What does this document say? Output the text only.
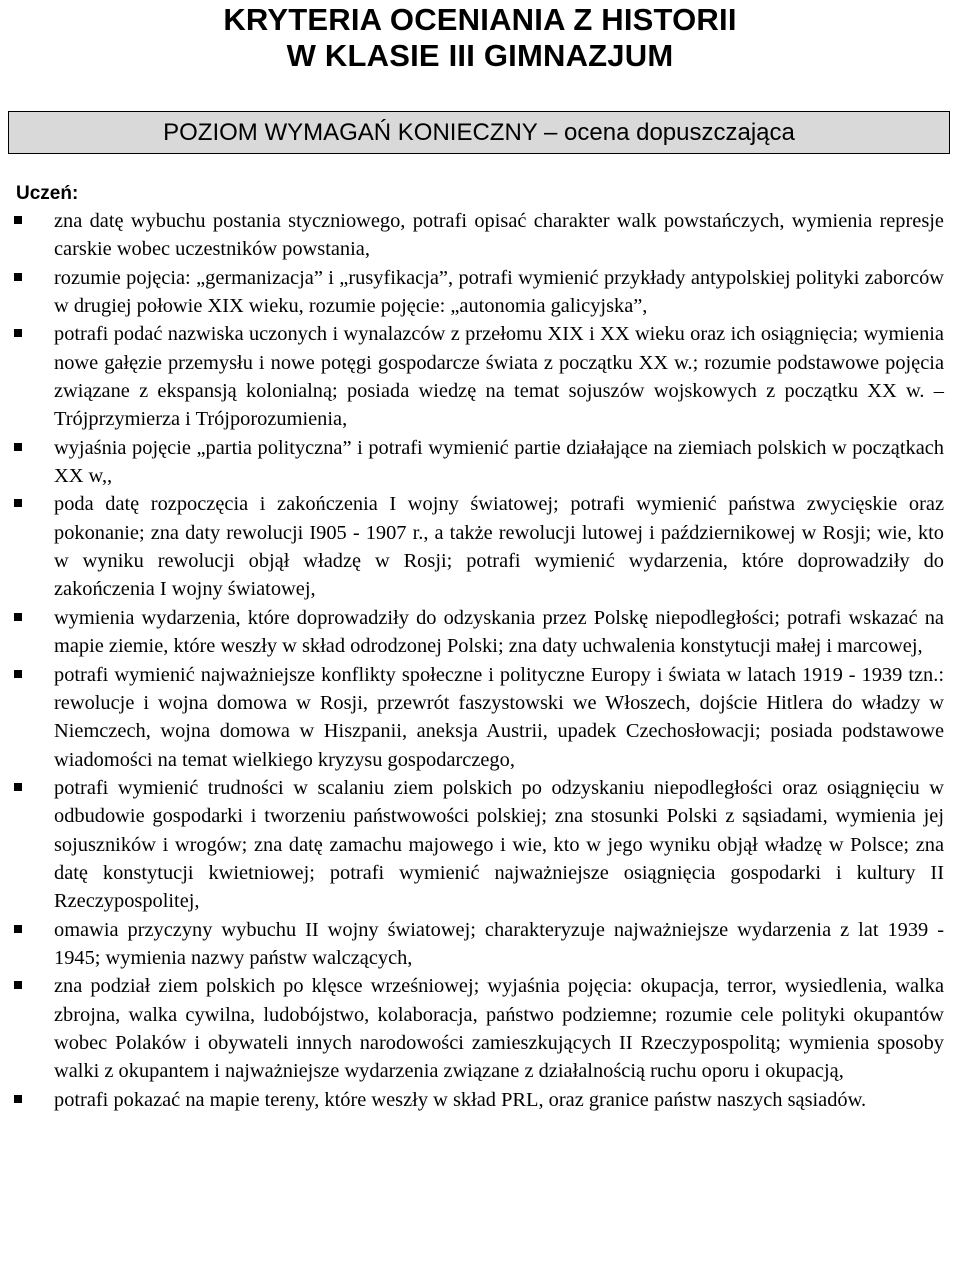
KRYTERIA OCENIANIA Z HISTORII
W KLASIE III GIMNAZJUM
POZIOM WYMAGAŃ KONIECZNY – ocena dopuszczająca

Uczeń:

zna datę wybuchu postania styczniowego, potrafi opisać charakter walk powstańczych, wymienia represje carskie wobec uczestników powstania,
rozumie pojęcia: „germanizacja” i „rusyfikacja”, potrafi wymienić przykłady antypolskiej polityki zaborców w drugiej połowie XIX wieku, rozumie pojęcie: „autonomia galicyjska”,
potrafi podać nazwiska uczonych i wynalazców z przełomu XIX i XX wieku oraz ich osiągnięcia; wymienia nowe gałęzie przemysłu i nowe potęgi gospodarcze świata z początku XX w.; rozumie podstawowe pojęcia związane z ekspansją kolonialną; posiada wiedzę na temat sojuszów wojskowych z początku XX w. – Trójprzymierza i Trójporozumienia,
wyjaśnia pojęcie „partia polityczna” i potrafi wymienić partie działające na ziemiach polskich w początkach XX w,,
poda datę rozpoczęcia i zakończenia I wojny światowej; potrafi wymienić państwa zwycięskie oraz pokonanie; zna daty rewolucji I905 - 1907 r., a także rewolucji lutowej i październikowej w Rosji; wie, kto w wyniku rewolucji objął władzę w Rosji; potrafi wymienić wydarzenia, które doprowadziły do zakończenia I wojny światowej,
wymienia wydarzenia, które doprowadziły do odzyskania przez Polskę niepodległości; potrafi wskazać na mapie ziemie, które weszły w skład odrodzonej Polski; zna daty uchwalenia konstytucji małej i marcowej,
potrafi wymienić najważniejsze konflikty społeczne i polityczne Europy i świata w latach 1919 - 1939 tzn.: rewolucje i wojna domowa w Rosji, przewrót faszystowski we Włoszech, dojście Hitlera do władzy w Niemczech, wojna domowa w Hiszpanii, aneksja Austrii, upadek Czechosłowacji; posiada podstawowe wiadomości na temat wielkiego kryzysu gospodarczego,
potrafi wymienić trudności w scalaniu ziem polskich po odzyskaniu niepodległości oraz osiągnięciu w odbudowie gospodarki i tworzeniu państwowości polskiej; zna stosunki Polski z sąsiadami, wymienia jej sojuszników i wrogów; zna datę zamachu majowego i wie, kto w jego wyniku objął władzę w Polsce; zna datę konstytucji kwietniowej; potrafi wymienić najważniejsze osiągnięcia gospodarki i kultury II Rzeczypospolitej,
omawia przyczyny wybuchu II wojny światowej; charakteryzuje najważniejsze wydarzenia z lat 1939 - 1945; wymienia nazwy państw walczących,
zna podział ziem polskich po klęsce wrześniowej; wyjaśnia pojęcia: okupacja, terror, wysiedlenia, walka zbrojna, walka cywilna, ludobójstwo, kolaboracja, państwo podziemne; rozumie cele polityki okupantów wobec Polaków i obywateli innych narodowości zamieszkujących II Rzeczypospolitą; wymienia sposoby walki z okupantem i najważniejsze wydarzenia związane z działalnością ruchu oporu i okupacją,
potrafi pokazać na mapie tereny, które weszły w skład PRL, oraz granice państw naszych sąsiadów.
